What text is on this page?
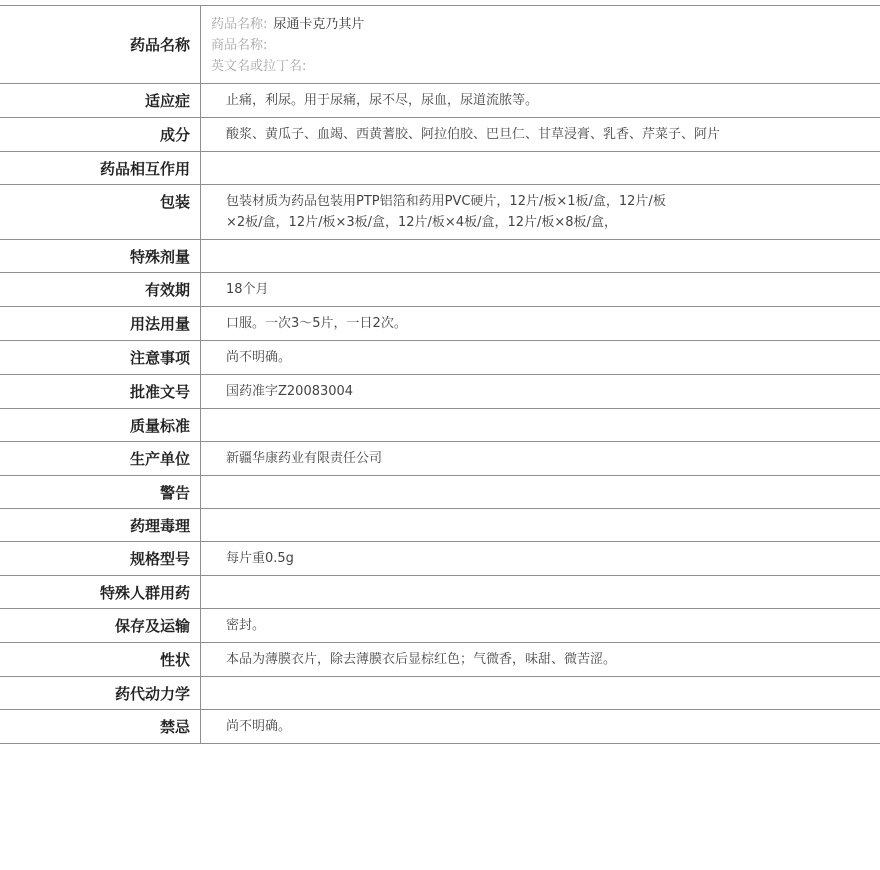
药品名称
药品名称: 尿通卡克乃其片
商品名称:
英文名或拉丁名:
适应症	止痛，利尿。用于尿痛，尿不尽，尿血，尿道流脓等。
成分	酸浆、黄瓜子、血竭、西黄蓍胶、阿拉伯胶、巴旦仁、甘草浸膏、乳香、芹菜子、阿片
药品相互作用
包装	包装材质为药品包装用PTP铝箔和药用PVC硬片，12片/板×1板/盒，12片/板
×2板/盒，12片/板×3板/盒，12片/板×4板/盒，12片/板×8板/盒，
特殊剂量
有效期	18个月
用法用量	口服。一次3～5片，一日2次。
注意事项	尚不明确。
批准文号	国药准字Z20083004
质量标准
生产单位	新疆华康药业有限责任公司
警告
药理毒理
规格型号	每片重0.5g
特殊人群用药
保存及运输	密封。
性状	本品为薄膜衣片，除去薄膜衣后显棕红色；气微香，味甜、微苦涩。
药代动力学
禁忌	尚不明确。
